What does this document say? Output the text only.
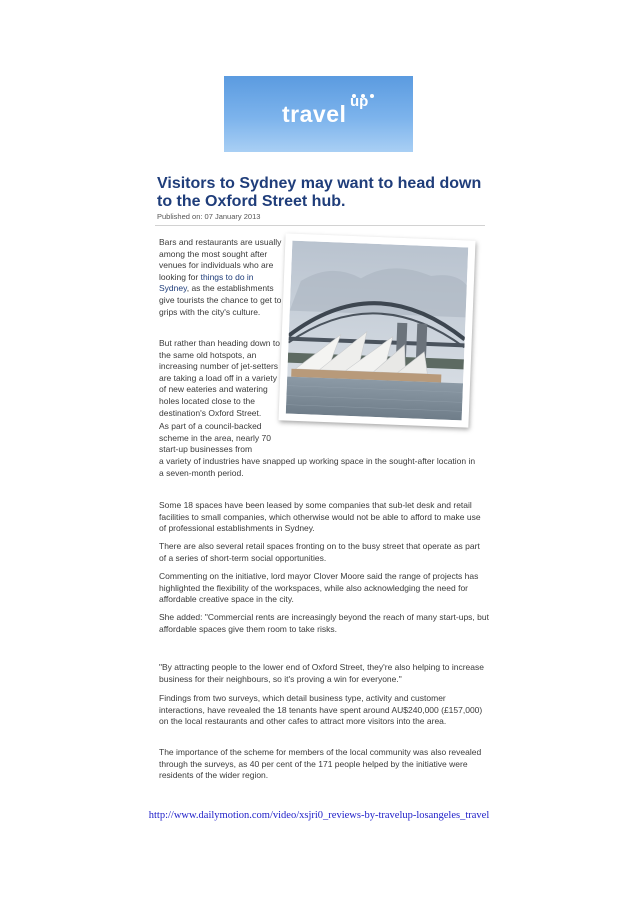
travel up
Visitors to Sydney may want to head down to the Oxford Street hub.
Published on: 07 January 2013

Bars and restaurants are usually among the most sought after venues for individuals who are looking for things to do in Sydney, as the establishments give tourists the chance to get to grips with the city's culture.

But rather than heading down to the same old hotspots, an increasing number of jet-setters are taking a load off in a variety of new eateries and watering holes located close to the destination's Oxford Street.

As part of a council-backed scheme in the area, nearly 70 start-up businesses from

a variety of industries have snapped up working space in the sought-after location in a seven-month period.

Some 18 spaces have been leased by some companies that sub-let desk and retail facilities to small companies, which otherwise would not be able to afford to make use of professional establishments in Sydney.

There are also several retail spaces fronting on to the busy street that operate as part of a series of short-term social opportunities.

Commenting on the initiative, lord mayor Clover Moore said the range of projects has highlighted the flexibility of the workspaces, while also acknowledging the need for affordable creative space in the city.

She added: "Commercial rents are increasingly beyond the reach of many start-ups, but affordable spaces give them room to take risks.

"By attracting people to the lower end of Oxford Street, they're also helping to increase business for their neighbours, so it's proving a win for everyone."

Findings from two surveys, which detail business type, activity and customer interactions, have revealed the 18 tenants have spent around AU$240,000 (£157,000) on the local restaurants and other cafes to attract more visitors into the area.

The importance of the scheme for members of the local community was also revealed through the surveys, as 40 per cent of the 171 people helped by the initiative were residents of the wider region.

http://www.dailymotion.com/video/xsjri0_reviews-by-travelup-losangeles_travel
